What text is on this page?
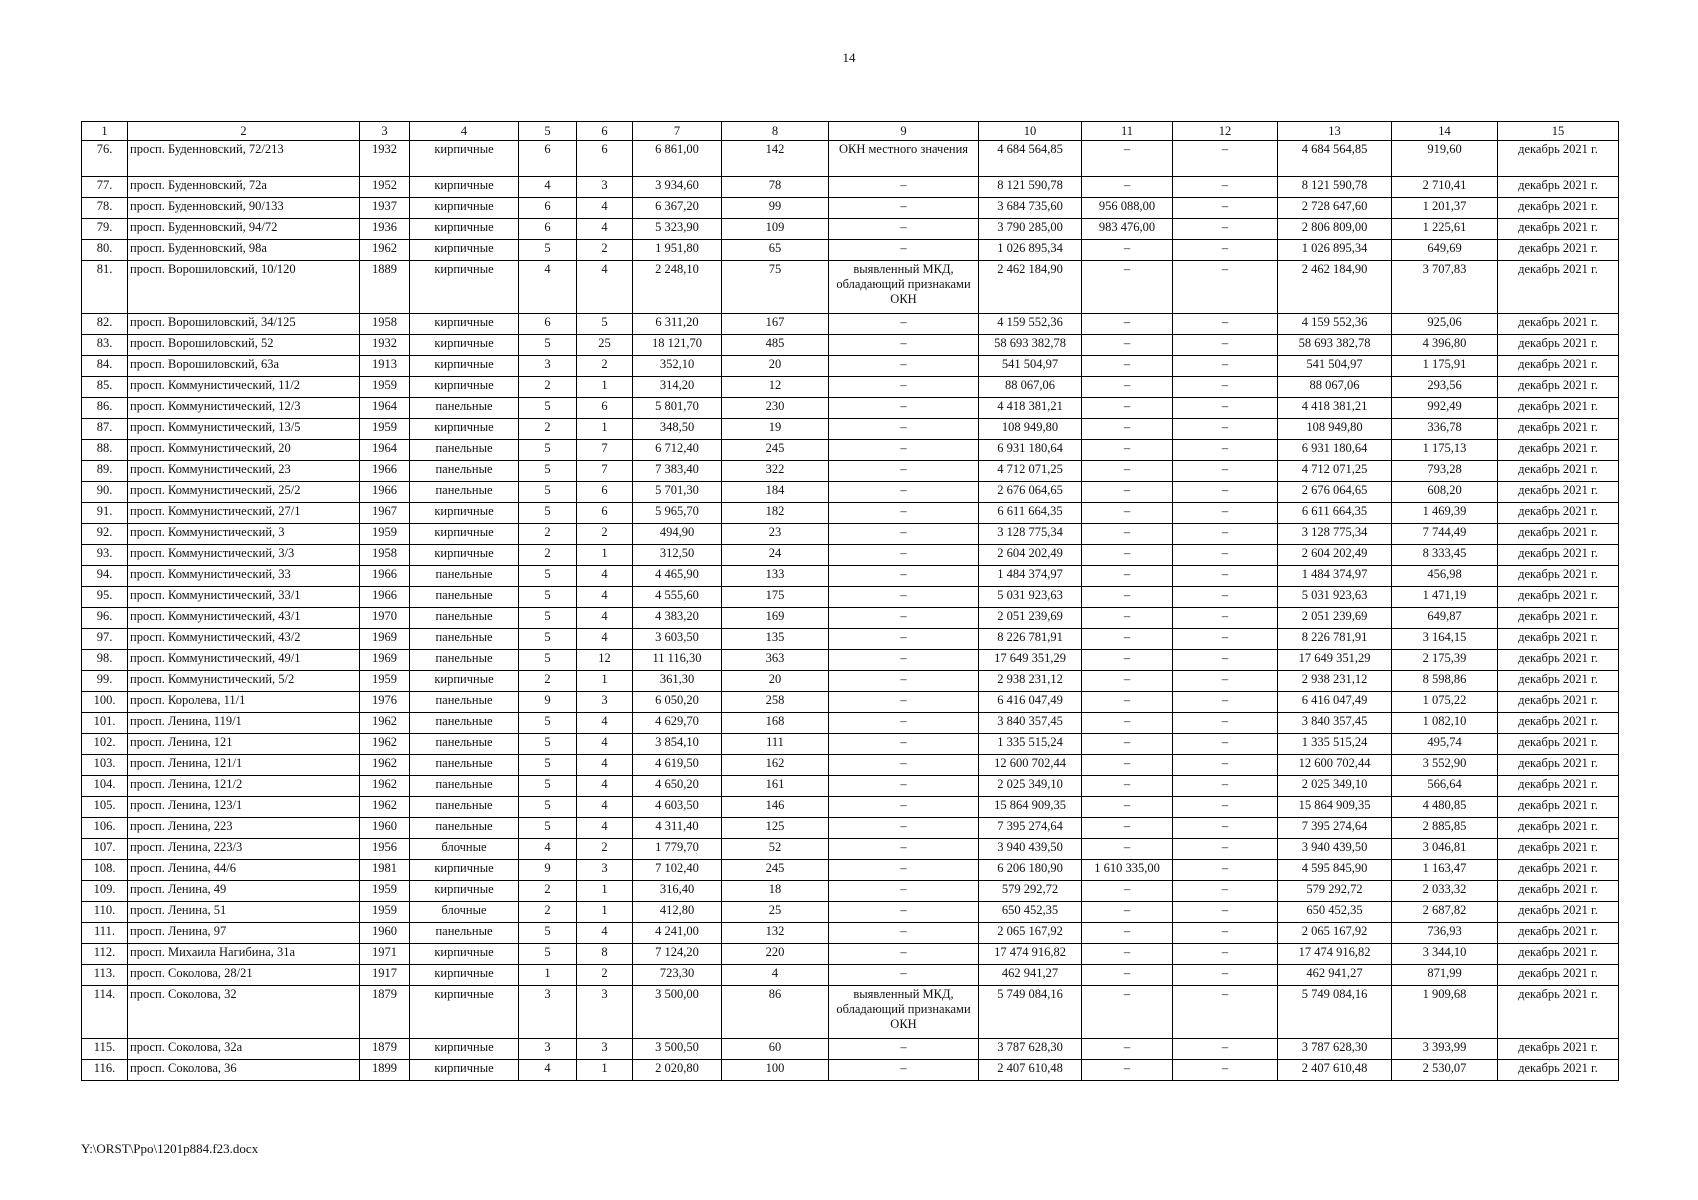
14
1	2	3	4	5	6	7	8	9	10	11	12	13	14	15
76.	просп. Буденновский, 72/213	1932	кирпичные	6	6	6 861,00	142	ОКН местного значения	4 684 564,85	–	–	4 684 564,85	919,60	декабрь 2021 г.
77.	просп. Буденновский, 72а	1952	кирпичные	4	3	3 934,60	78	–	8 121 590,78	–	–	8 121 590,78	2 710,41	декабрь 2021 г.
78.	просп. Буденновский, 90/133	1937	кирпичные	6	4	6 367,20	99	–	3 684 735,60	956 088,00	–	2 728 647,60	1 201,37	декабрь 2021 г.
79.	просп. Буденновский, 94/72	1936	кирпичные	6	4	5 323,90	109	–	3 790 285,00	983 476,00	–	2 806 809,00	1 225,61	декабрь 2021 г.
80.	просп. Буденновский, 98а	1962	кирпичные	5	2	1 951,80	65	–	1 026 895,34	–	–	1 026 895,34	649,69	декабрь 2021 г.
81.	просп. Ворошиловский, 10/120	1889	кирпичные	4	4	2 248,10	75	выявленный МКД, обладающий признаками ОКН	2 462 184,90	–	–	2 462 184,90	3 707,83	декабрь 2021 г.
82.	просп. Ворошиловский, 34/125	1958	кирпичные	6	5	6 311,20	167	–	4 159 552,36	–	–	4 159 552,36	925,06	декабрь 2021 г.
83.	просп. Ворошиловский, 52	1932	кирпичные	5	25	18 121,70	485	–	58 693 382,78	–	–	58 693 382,78	4 396,80	декабрь 2021 г.
84.	просп. Ворошиловский, 63а	1913	кирпичные	3	2	352,10	20	–	541 504,97	–	–	541 504,97	1 175,91	декабрь 2021 г.
85.	просп. Коммунистический, 11/2	1959	кирпичные	2	1	314,20	12	–	88 067,06	–	–	88 067,06	293,56	декабрь 2021 г.
86.	просп. Коммунистический, 12/3	1964	панельные	5	6	5 801,70	230	–	4 418 381,21	–	–	4 418 381,21	992,49	декабрь 2021 г.
87.	просп. Коммунистический, 13/5	1959	кирпичные	2	1	348,50	19	–	108 949,80	–	–	108 949,80	336,78	декабрь 2021 г.
88.	просп. Коммунистический, 20	1964	панельные	5	7	6 712,40	245	–	6 931 180,64	–	–	6 931 180,64	1 175,13	декабрь 2021 г.
89.	просп. Коммунистический, 23	1966	панельные	5	7	7 383,40	322	–	4 712 071,25	–	–	4 712 071,25	793,28	декабрь 2021 г.
90.	просп. Коммунистический, 25/2	1966	панельные	5	6	5 701,30	184	–	2 676 064,65	–	–	2 676 064,65	608,20	декабрь 2021 г.
91.	просп. Коммунистический, 27/1	1967	кирпичные	5	6	5 965,70	182	–	6 611 664,35	–	–	6 611 664,35	1 469,39	декабрь 2021 г.
92.	просп. Коммунистический, 3	1959	кирпичные	2	2	494,90	23	–	3 128 775,34	–	–	3 128 775,34	7 744,49	декабрь 2021 г.
93.	просп. Коммунистический, 3/3	1958	кирпичные	2	1	312,50	24	–	2 604 202,49	–	–	2 604 202,49	8 333,45	декабрь 2021 г.
94.	просп. Коммунистический, 33	1966	панельные	5	4	4 465,90	133	–	1 484 374,97	–	–	1 484 374,97	456,98	декабрь 2021 г.
95.	просп. Коммунистический, 33/1	1966	панельные	5	4	4 555,60	175	–	5 031 923,63	–	–	5 031 923,63	1 471,19	декабрь 2021 г.
96.	просп. Коммунистический, 43/1	1970	панельные	5	4	4 383,20	169	–	2 051 239,69	–	–	2 051 239,69	649,87	декабрь 2021 г.
97.	просп. Коммунистический, 43/2	1969	панельные	5	4	3 603,50	135	–	8 226 781,91	–	–	8 226 781,91	3 164,15	декабрь 2021 г.
98.	просп. Коммунистический, 49/1	1969	панельные	5	12	11 116,30	363	–	17 649 351,29	–	–	17 649 351,29	2 175,39	декабрь 2021 г.
99.	просп. Коммунистический, 5/2	1959	кирпичные	2	1	361,30	20	–	2 938 231,12	–	–	2 938 231,12	8 598,86	декабрь 2021 г.
100.	просп. Королева, 11/1	1976	панельные	9	3	6 050,20	258	–	6 416 047,49	–	–	6 416 047,49	1 075,22	декабрь 2021 г.
101.	просп. Ленина, 119/1	1962	панельные	5	4	4 629,70	168	–	3 840 357,45	–	–	3 840 357,45	1 082,10	декабрь 2021 г.
102.	просп. Ленина, 121	1962	панельные	5	4	3 854,10	111	–	1 335 515,24	–	–	1 335 515,24	495,74	декабрь 2021 г.
103.	просп. Ленина, 121/1	1962	панельные	5	4	4 619,50	162	–	12 600 702,44	–	–	12 600 702,44	3 552,90	декабрь 2021 г.
104.	просп. Ленина, 121/2	1962	панельные	5	4	4 650,20	161	–	2 025 349,10	–	–	2 025 349,10	566,64	декабрь 2021 г.
105.	просп. Ленина, 123/1	1962	панельные	5	4	4 603,50	146	–	15 864 909,35	–	–	15 864 909,35	4 480,85	декабрь 2021 г.
106.	просп. Ленина, 223	1960	панельные	5	4	4 311,40	125	–	7 395 274,64	–	–	7 395 274,64	2 885,85	декабрь 2021 г.
107.	просп. Ленина, 223/3	1956	блочные	4	2	1 779,70	52	–	3 940 439,50	–	–	3 940 439,50	3 046,81	декабрь 2021 г.
108.	просп. Ленина, 44/6	1981	кирпичные	9	3	7 102,40	245	–	6 206 180,90	1 610 335,00	–	4 595 845,90	1 163,47	декабрь 2021 г.
109.	просп. Ленина, 49	1959	кирпичные	2	1	316,40	18	–	579 292,72	–	–	579 292,72	2 033,32	декабрь 2021 г.
110.	просп. Ленина, 51	1959	блочные	2	1	412,80	25	–	650 452,35	–	–	650 452,35	2 687,82	декабрь 2021 г.
111.	просп. Ленина, 97	1960	панельные	5	4	4 241,00	132	–	2 065 167,92	–	–	2 065 167,92	736,93	декабрь 2021 г.
112.	просп. Михаила Нагибина, 31а	1971	кирпичные	5	8	7 124,20	220	–	17 474 916,82	–	–	17 474 916,82	3 344,10	декабрь 2021 г.
113.	просп. Соколова, 28/21	1917	кирпичные	1	2	723,30	4	–	462 941,27	–	–	462 941,27	871,99	декабрь 2021 г.
114.	просп. Соколова, 32	1879	кирпичные	3	3	3 500,00	86	выявленный МКД, обладающий признаками ОКН	5 749 084,16	–	–	5 749 084,16	1 909,68	декабрь 2021 г.
115.	просп. Соколова, 32а	1879	кирпичные	3	3	3 500,50	60	–	3 787 628,30	–	–	3 787 628,30	3 393,99	декабрь 2021 г.
116.	просп. Соколова, 36	1899	кирпичные	4	1	2 020,80	100	–	2 407 610,48	–	–	2 407 610,48	2 530,07	декабрь 2021 г.
Y:\ORST\Ppo\1201p884.f23.docx
